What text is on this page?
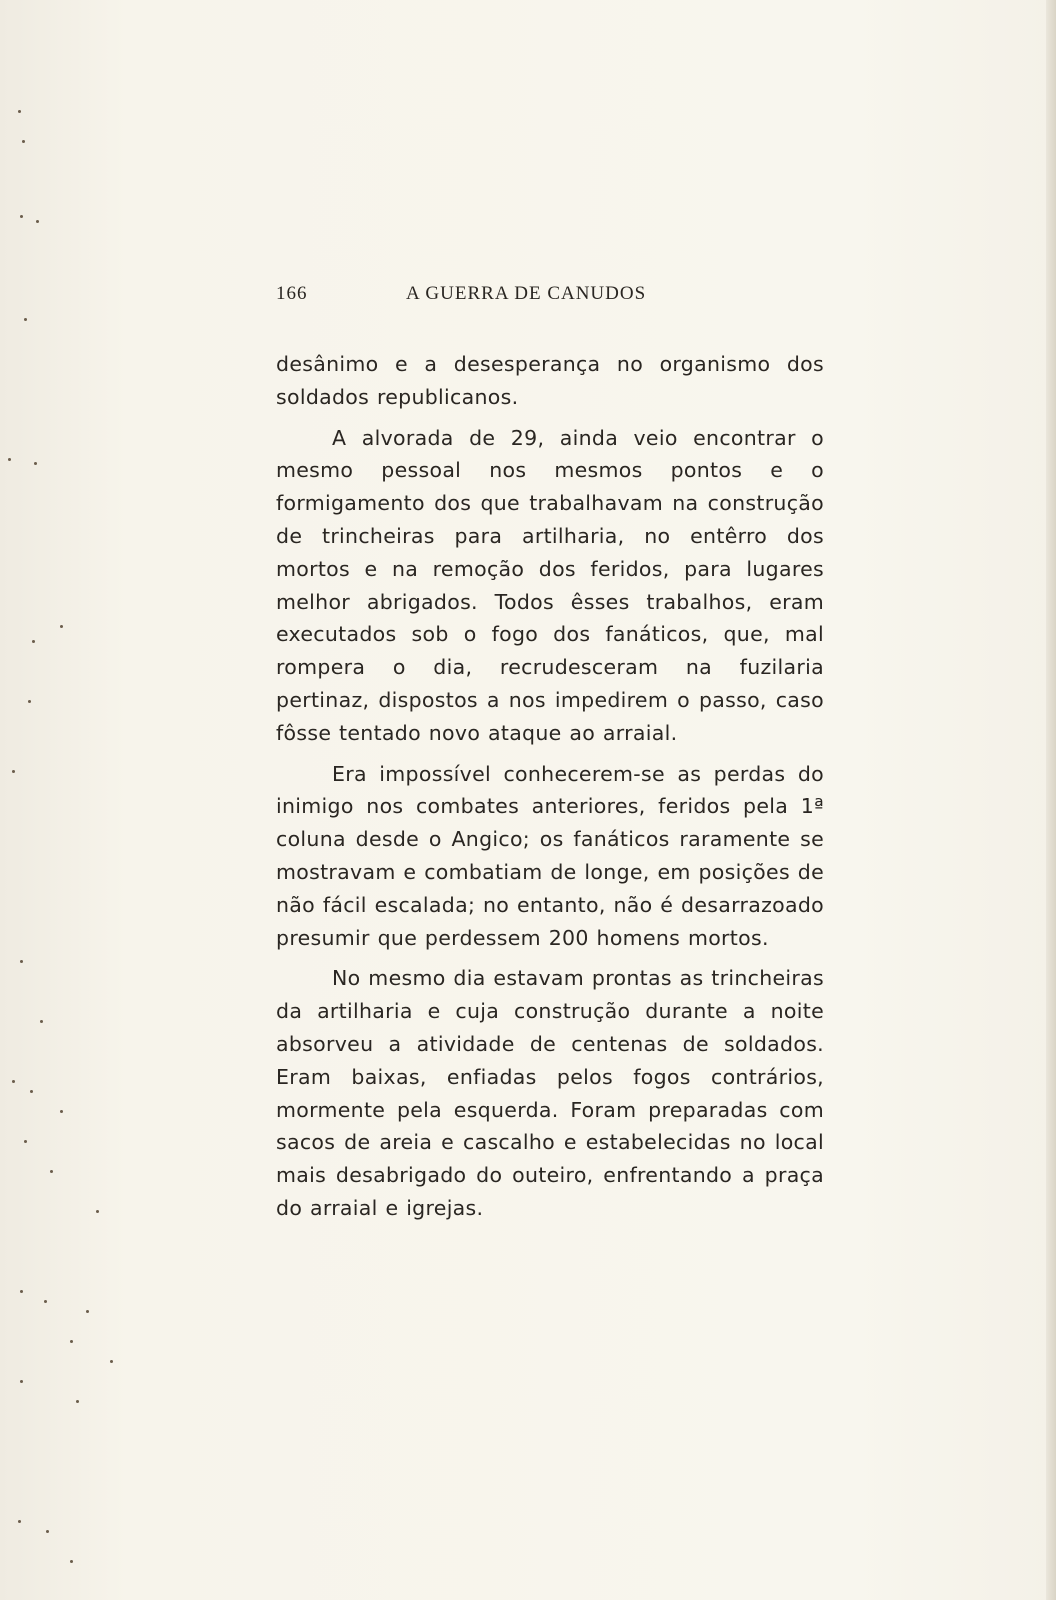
166	A GUERRA DE CANUDOS

desânimo e a desesperança no organismo dos soldados republicanos.

A alvorada de 29, ainda veio encontrar o mesmo pessoal nos mesmos pontos e o formigamento dos que trabalhavam na construção de trincheiras para artilharia, no entêrro dos mortos e na remoção dos feridos, para lugares melhor abrigados. Todos êsses trabalhos, eram executados sob o fogo dos fanáticos, que, mal rompera o dia, recrudesceram na fuzilaria pertinaz, dispostos a nos impedirem o passo, caso fôsse tentado novo ataque ao arraial.

Era impossível conhecerem-se as perdas do inimigo nos combates anteriores, feridos pela 1ª coluna desde o Angico; os fanáticos raramente se mostravam e combatiam de longe, em posições de não fácil escalada; no entanto, não é desarrazoado presumir que perdessem 200 homens mortos.

No mesmo dia estavam prontas as trincheiras da artilharia e cuja construção durante a noite absorveu a atividade de centenas de soldados. Eram baixas, enfiadas pelos fogos contrários, mormente pela esquerda. Foram preparadas com sacos de areia e cascalho e estabelecidas no local mais desabrigado do outeiro, enfrentando a praça do arraial e igrejas.
